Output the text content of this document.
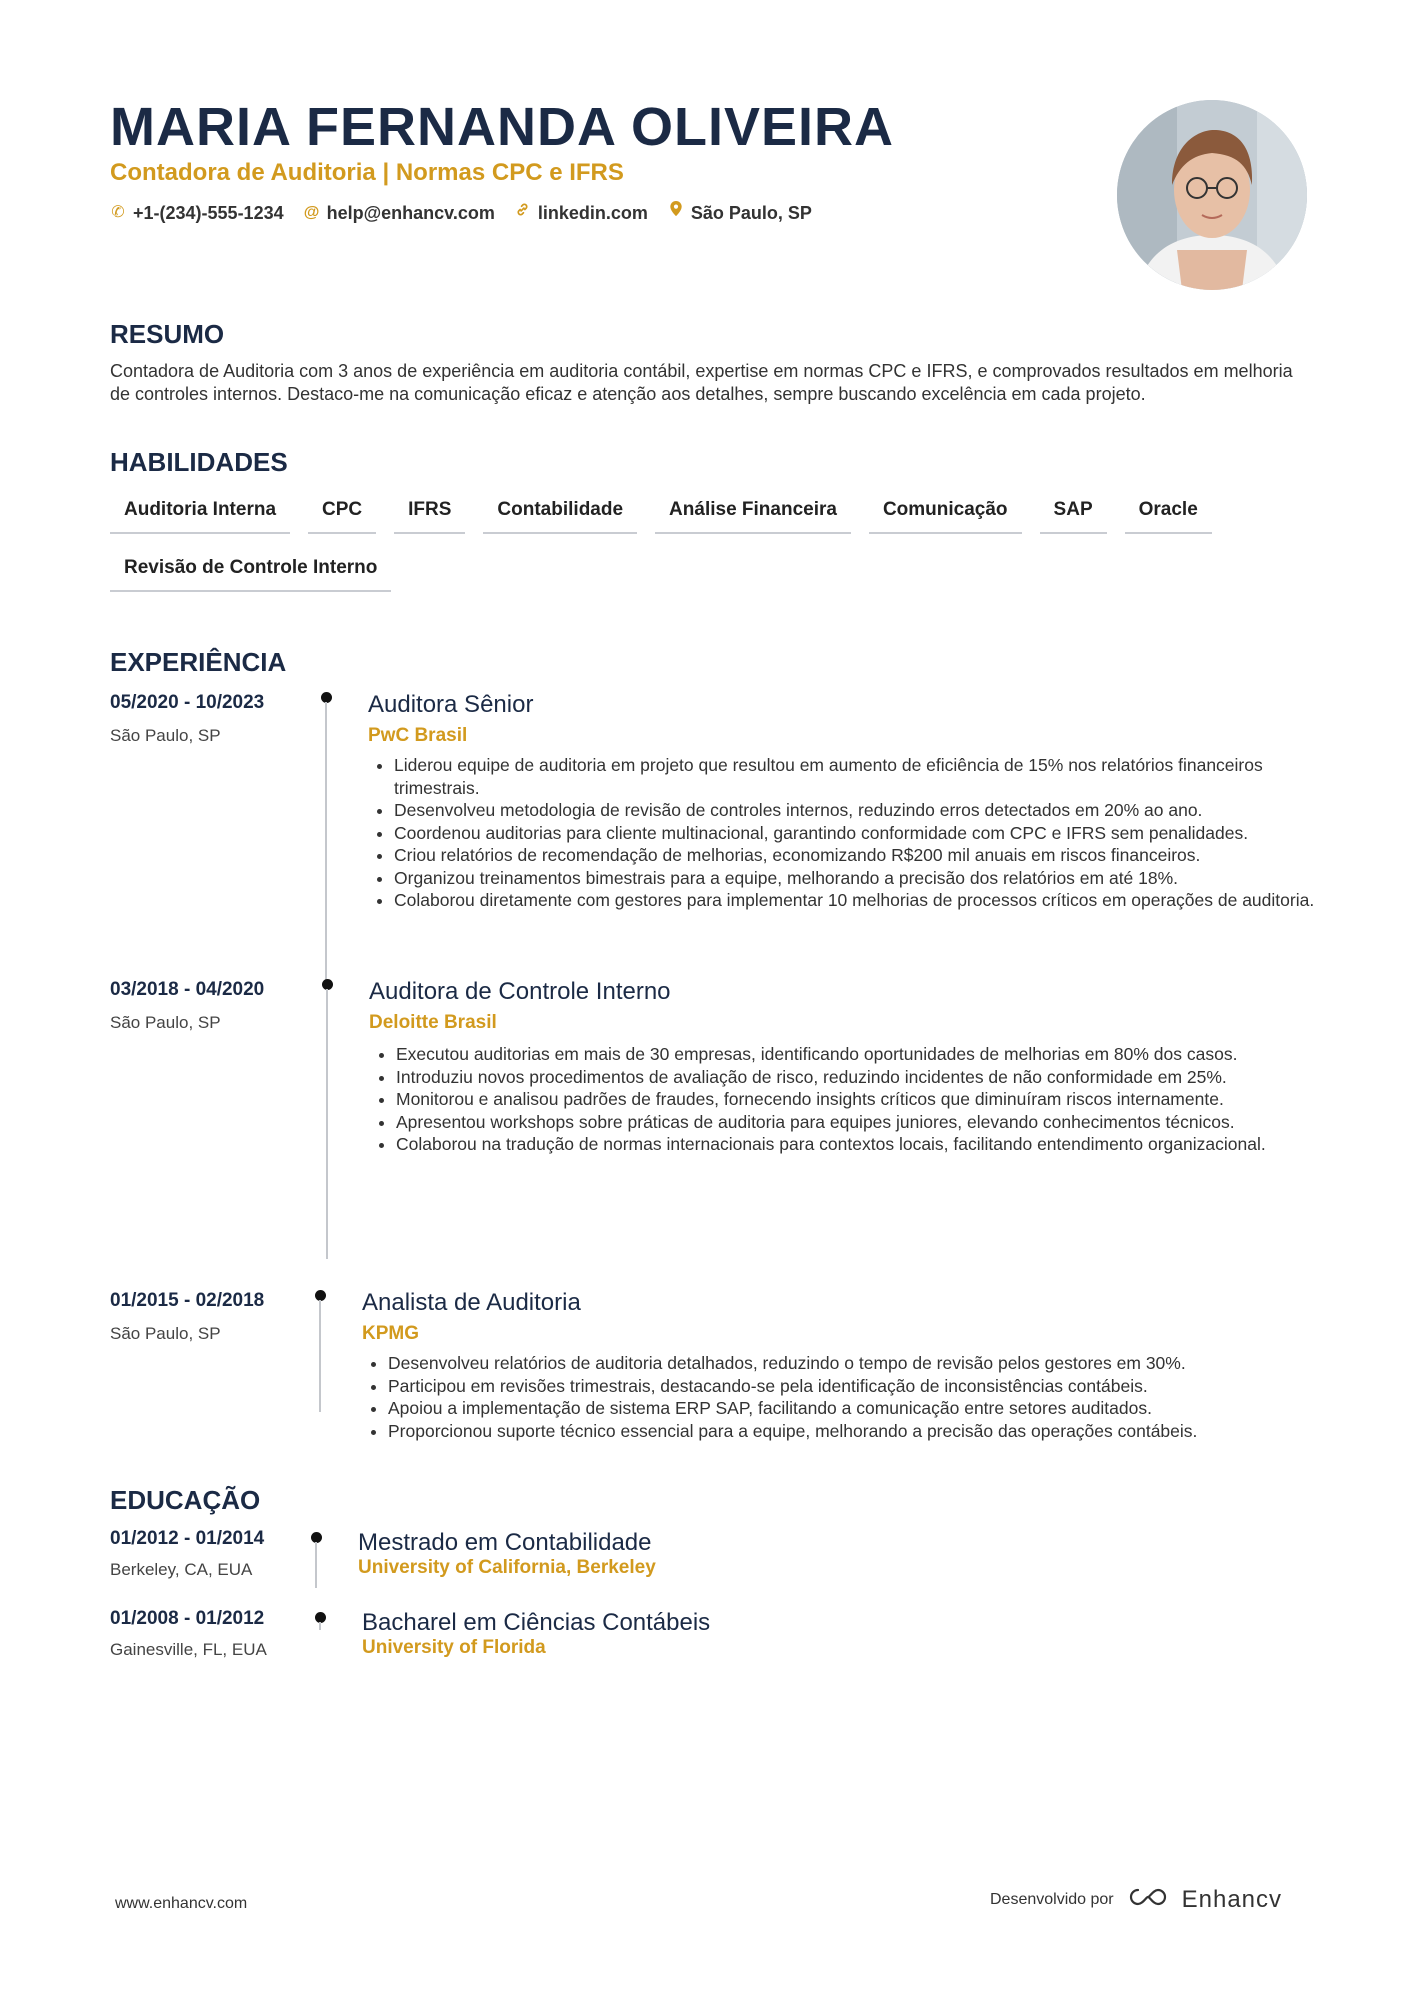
MARIA FERNANDA OLIVEIRA

Contadora de Auditoria | Normas CPC e IFRS

✆ +1-(234)-555-1234 @ help@enhancv.com linkedin.com São Paulo, SP
RESUMO

Contadora de Auditoria com 3 anos de experiência em auditoria contábil, expertise em normas CPC e IFRS, e comprovados resultados em melhoria de controles internos. Destaco-me na comunicação eficaz e atenção aos detalhes, sempre buscando excelência em cada projeto.

HABILIDADES
Auditoria Interna	CPC	IFRS	Contabilidade	Análise Financeira	Comunicação	SAP	Oracle
Revisão de Controle Interno
EXPERIÊNCIA
05/2020 - 10/2023
São Paulo, SP
Auditora Sênior
PwC Brasil
• Liderou equipe de auditoria em projeto que resultou em aumento de eficiência de 15% nos relatórios financeiros trimestrais.
• Desenvolveu metodologia de revisão de controles internos, reduzindo erros detectados em 20% ao ano.
• Coordenou auditorias para cliente multinacional, garantindo conformidade com CPC e IFRS sem penalidades.
• Criou relatórios de recomendação de melhorias, economizando R$200 mil anuais em riscos financeiros.
• Organizou treinamentos bimestrais para a equipe, melhorando a precisão dos relatórios em até 18%.
• Colaborou diretamente com gestores para implementar 10 melhorias de processos críticos em operações de auditoria.
03/2018 - 04/2020
São Paulo, SP
Auditora de Controle Interno
Deloitte Brasil
• Executou auditorias em mais de 30 empresas, identificando oportunidades de melhorias em 80% dos casos.
• Introduziu novos procedimentos de avaliação de risco, reduzindo incidentes de não conformidade em 25%.
• Monitorou e analisou padrões de fraudes, fornecendo insights críticos que diminuíram riscos internamente.
• Apresentou workshops sobre práticas de auditoria para equipes juniores, elevando conhecimentos técnicos.
• Colaborou na tradução de normas internacionais para contextos locais, facilitando entendimento organizacional.
01/2015 - 02/2018
São Paulo, SP
Analista de Auditoria
KPMG
• Desenvolveu relatórios de auditoria detalhados, reduzindo o tempo de revisão pelos gestores em 30%.
• Participou em revisões trimestrais, destacando-se pela identificação de inconsistências contábeis.
• Apoiou a implementação de sistema ERP SAP, facilitando a comunicação entre setores auditados.
• Proporcionou suporte técnico essencial para a equipe, melhorando a precisão das operações contábeis.
EDUCAÇÃO
01/2012 - 01/2014
Berkeley, CA, EUA
Mestrado em Contabilidade
University of California, Berkeley
01/2008 - 01/2012
Gainesville, FL, EUA
Bacharel em Ciências Contábeis
University of Florida
www.enhancv.com	Desenvolvido por	Enhancv
